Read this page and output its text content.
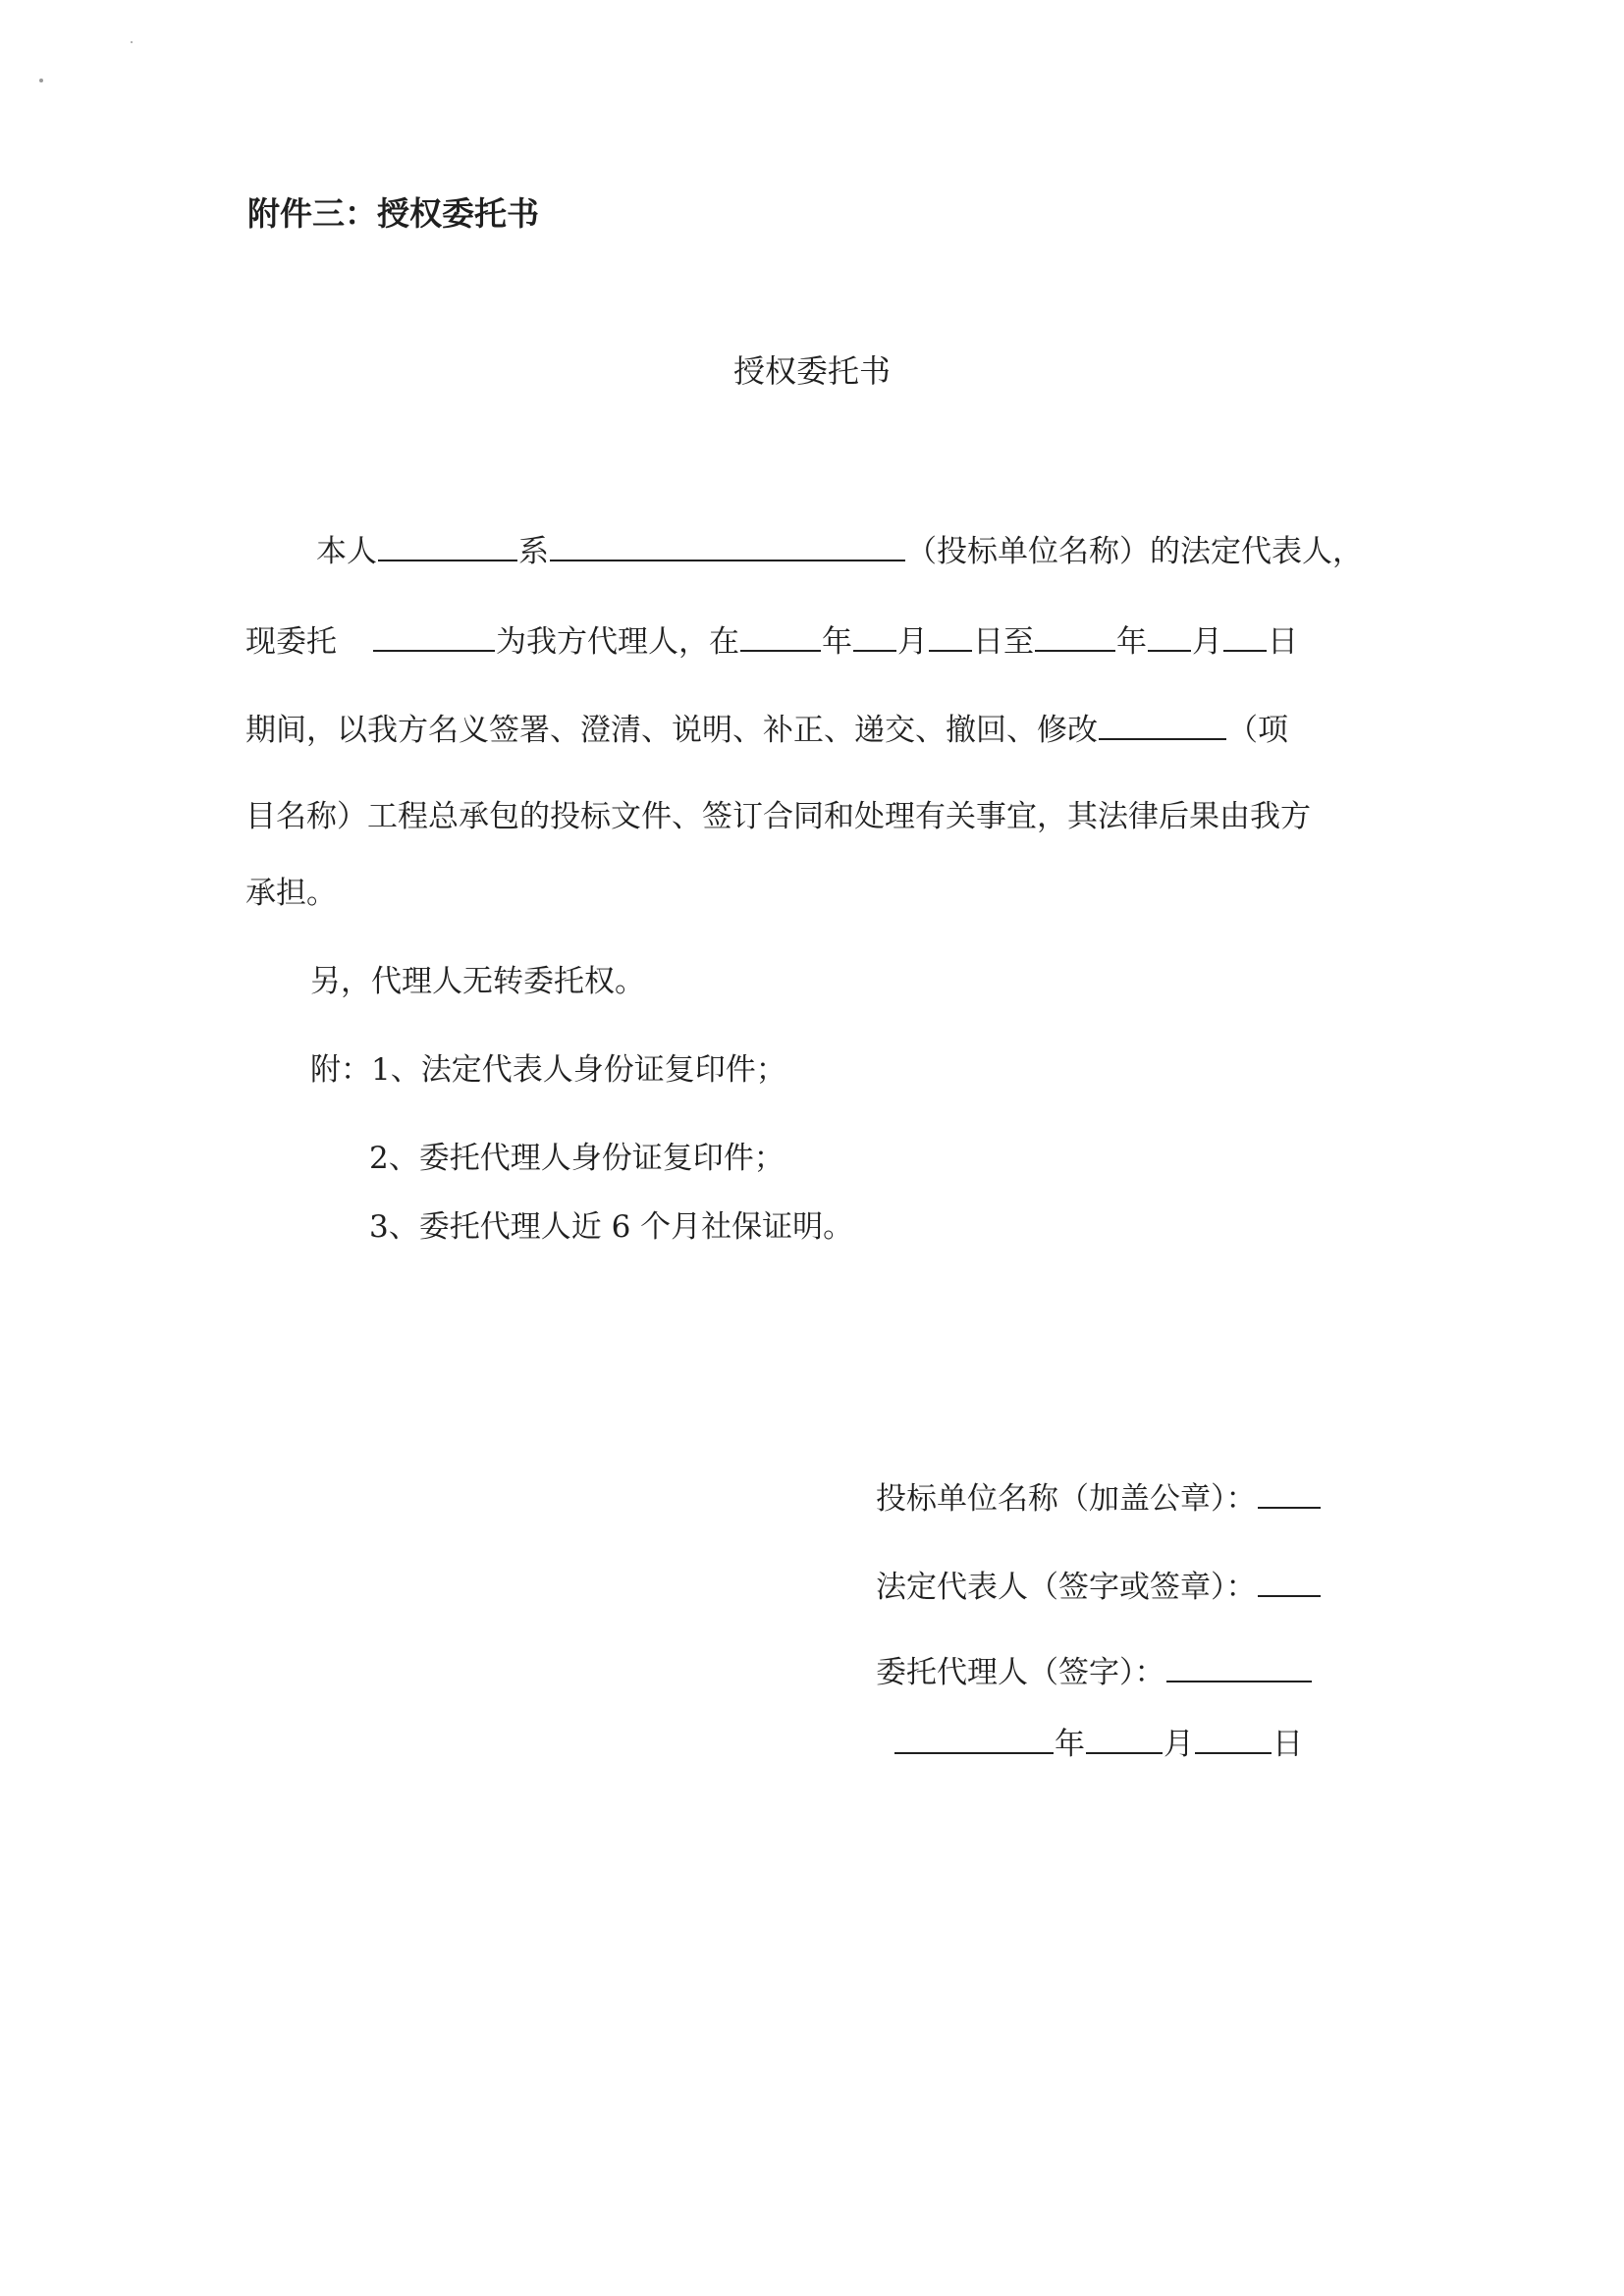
附件三：授权委托书
授权委托书

本人	系	（投标单位名称）的法定代表人，

现委托	为我方代理人，在	年 月 日至	年 月 日

期间，以我方名义签署、澄清、说明、补正、递交、撤回、修改	（项

目名称）工程总承包的投标文件、签订合同和处理有关事宜，其法律后果由我方

承担。

另，代理人无转委托权。

附：1、法定代表人身份证复印件；

2、委托代理人身份证复印件；

3、委托代理人近 6 个月社保证明。

投标单位名称（加盖公章）：

法定代表人（签字或签章）：

委托代理人（签字）：

年	月	日
